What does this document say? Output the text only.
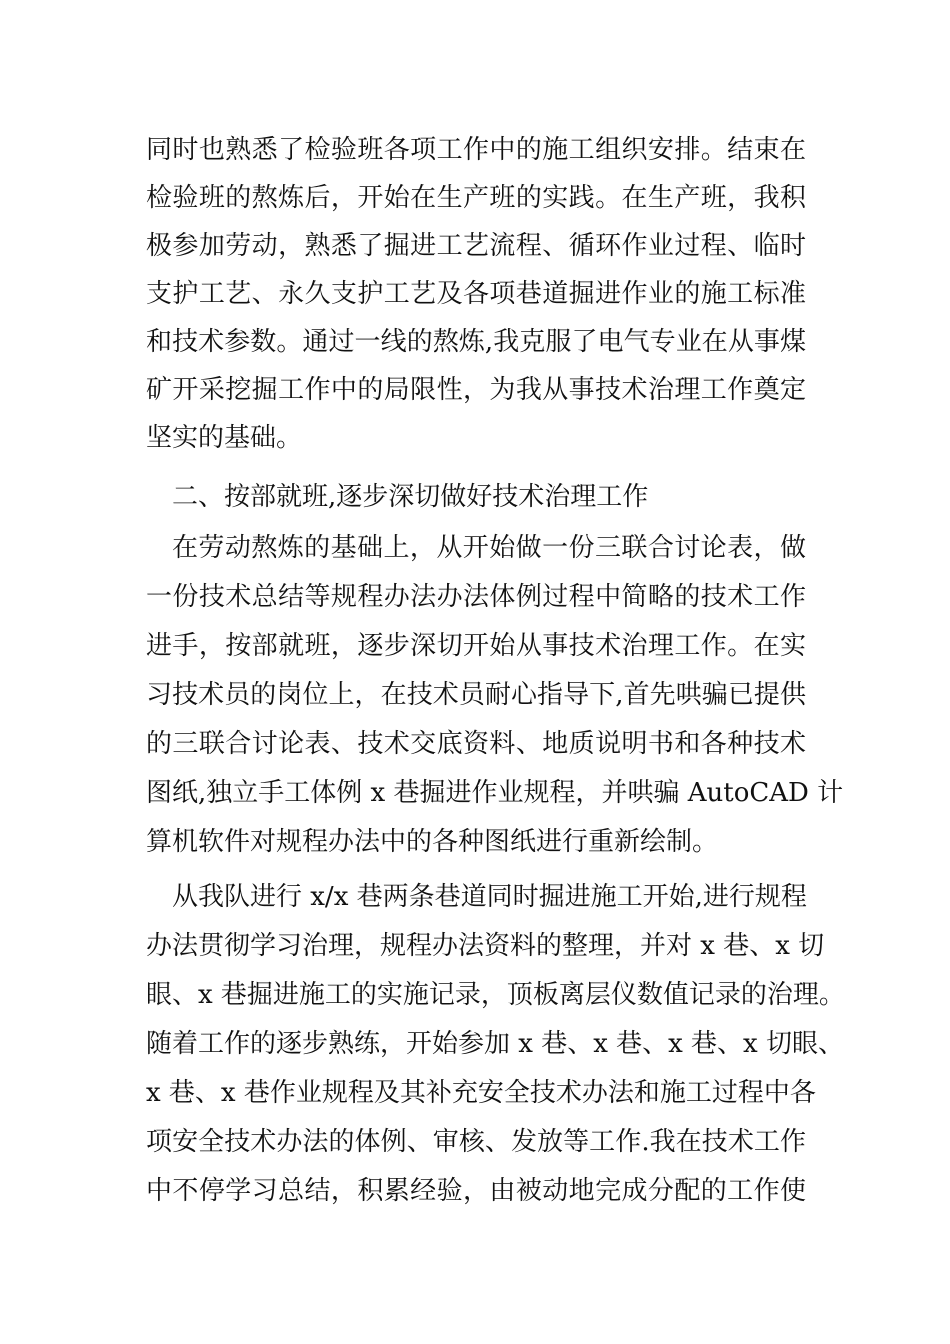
同时也熟悉了检验班各项工作中的施工组织安排。结束在
检验班的熬炼后，开始在生产班的实践。在生产班，我积
极参加劳动，熟悉了掘进工艺流程、循环作业过程、临时
支护工艺、永久支护工艺及各项巷道掘进作业的施工标准
和技术参数。通过一线的熬炼,我克服了电气专业在从事煤
矿开采挖掘工作中的局限性，为我从事技术治理工作奠定
坚实的基础。
二、按部就班,逐步深切做好技术治理工作
在劳动熬炼的基础上，从开始做一份三联合讨论表，做
一份技术总结等规程办法办法体例过程中简略的技术工作
进手，按部就班，逐步深切开始从事技术治理工作。在实
习技术员的岗位上，在技术员耐心指导下,首先哄骗已提供
的三联合讨论表、技术交底资料、地质说明书和各种技术
图纸,独立手工体例 x 巷掘进作业规程，并哄骗 AutoCAD 计
算机软件对规程办法中的各种图纸进行重新绘制。
从我队进行 x/x 巷两条巷道同时掘进施工开始,进行规程
办法贯彻学习治理，规程办法资料的整理，并对 x 巷、x 切
眼、x 巷掘进施工的实施记录，顶板离层仪数值记录的治理。
随着工作的逐步熟练，开始参加 x 巷、x 巷、x 巷、x 切眼、
x 巷、x 巷作业规程及其补充安全技术办法和施工过程中各
项安全技术办法的体例、审核、发放等工作.我在技术工作
中不停学习总结，积累经验，由被动地完成分配的工作使
